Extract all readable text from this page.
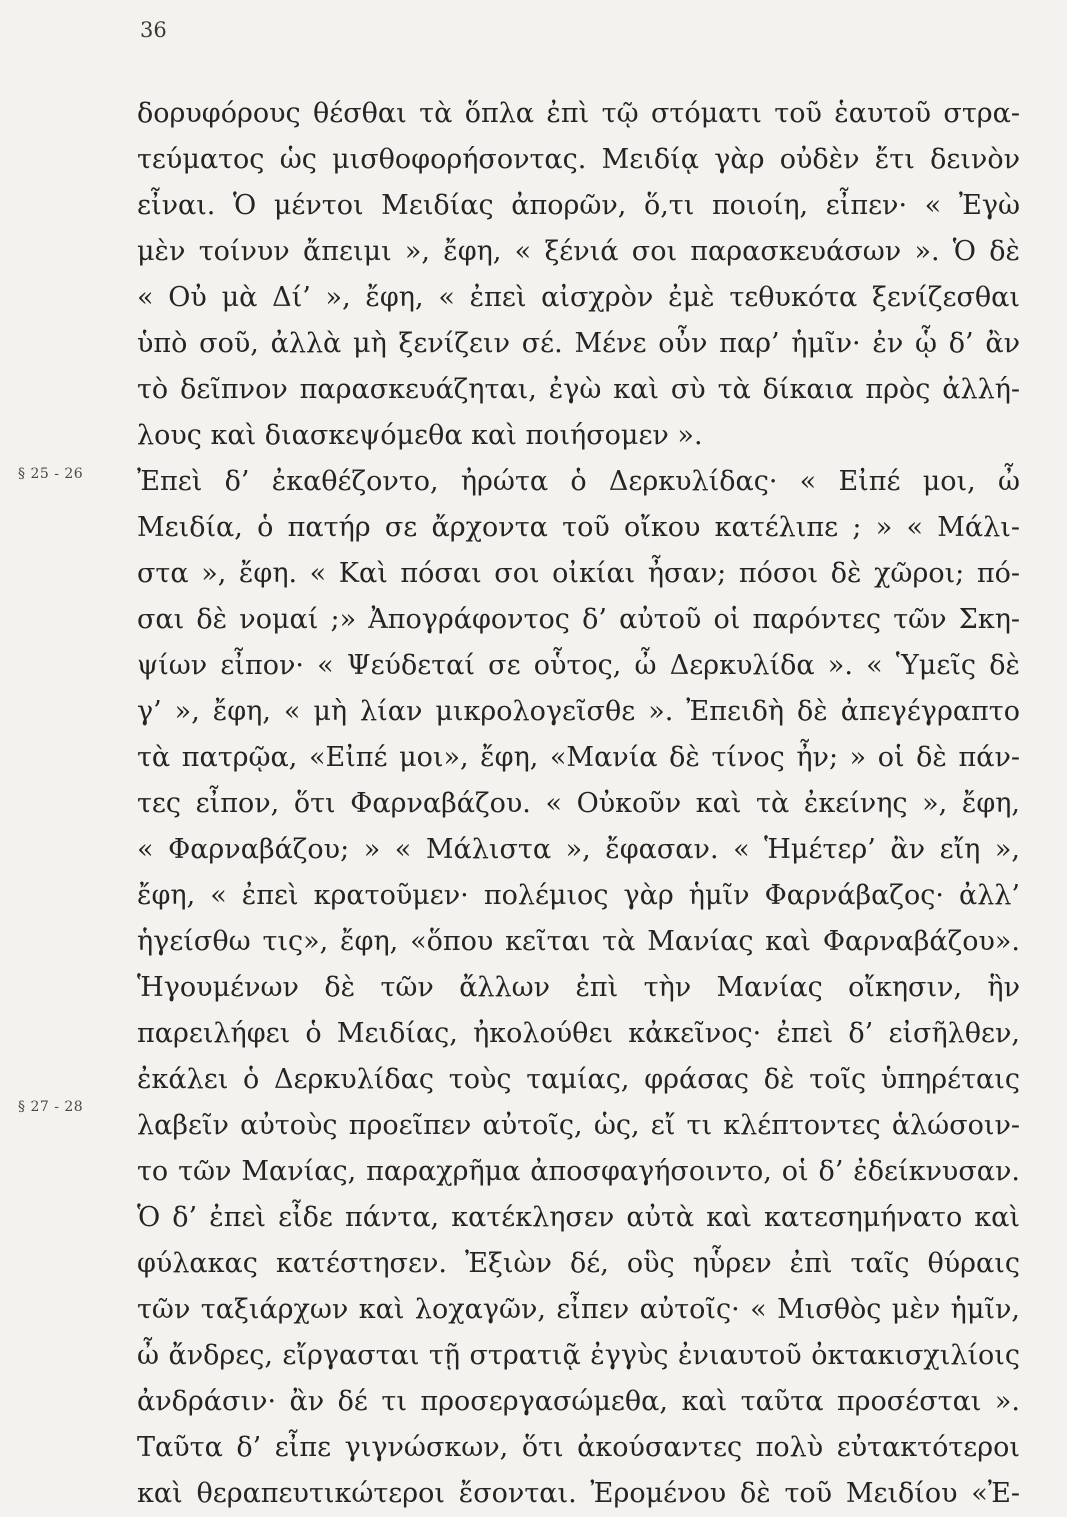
36
§ 25 - 26
§ 27 - 28
δορυφόρους θέσθαι τὰ ὅπλα ἐπὶ τῷ στόματι τοῦ ἑαυτοῦ στρα-
τεύματος ὡς μισθοφορήσοντας. Μειδίᾳ γὰρ οὐδὲν ἔτι δεινὸν
εἶναι. Ὁ μέντοι Μειδίας ἀπορῶν, ὅ,τι ποιοίη, εἶπεν· « Ἐγὼ
μὲν τοίνυν ἄπειμι », ἔφη, « ξένιά σοι παρασκευάσων ». Ὁ δὲ
« Οὐ μὰ Δί’ », ἔφη, « ἐπεὶ αἰσχρὸν ἐμὲ τεθυκότα ξενίζεσθαι
ὑπὸ σοῦ, ἀλλὰ μὴ ξενίζειν σέ. Μένε οὖν παρ’ ἡμῖν· ἐν ᾧ δ’ ἂν
τὸ δεῖπνον παρασκευάζηται, ἐγὼ καὶ σὺ τὰ δίκαια πρὸς ἀλλή-
λους καὶ διασκεψόμεθα καὶ ποιήσομεν ».
Ἐπεὶ δ’ ἐκαθέζοντο, ἠρώτα ὁ Δερκυλίδας· « Εἰπέ μοι, ὦ
Μειδία, ὁ πατήρ σε ἄρχοντα τοῦ οἴκου κατέλιπε ; » « Μάλι-
στα », ἔφη. « Καὶ πόσαι σοι οἰκίαι ἦσαν; πόσοι δὲ χῶροι; πό-
σαι δὲ νομαί ;» Ἀπογράφοντος δ’ αὐτοῦ οἱ παρόντες τῶν Σκη-
ψίων εἶπον· « Ψεύδεταί σε οὗτος, ὦ Δερκυλίδα ». « Ὑμεῖς δὲ
γ’ », ἔφη, « μὴ λίαν μικρολογεῖσθε ». Ἐπειδὴ δὲ ἀπεγέγραπτο
τὰ πατρῷα, «Εἰπέ μοι», ἔφη, «Μανία δὲ τίνος ἦν; » οἱ δὲ πάν-
τες εἶπον, ὅτι Φαρναβάζου. « Οὐκοῦν καὶ τὰ ἐκείνης », ἔφη,
« Φαρναβάζου; » « Μάλιστα », ἔφασαν. « Ἡμέτερ’ ἂν εἴη »,
ἔφη, « ἐπεὶ κρατοῦμεν· πολέμιος γὰρ ἡμῖν Φαρνάβαζος· ἀλλ’
ἡγείσθω τις», ἔφη, «ὅπου κεῖται τὰ Μανίας καὶ Φαρναβάζου».
Ἡγουμένων δὲ τῶν ἄλλων ἐπὶ τὴν Μανίας οἴκησιν, ἣν
παρειλήφει ὁ Μειδίας, ἠκολούθει κἀκεῖνος· ἐπεὶ δ’ εἰσῆλθεν,
ἐκάλει ὁ Δερκυλίδας τοὺς ταμίας, φράσας δὲ τοῖς ὑπηρέταις
λαβεῖν αὐτοὺς προεῖπεν αὐτοῖς, ὡς, εἴ τι κλέπτοντες ἁλώσοιν-
το τῶν Μανίας, παραχρῆμα ἀποσφαγήσοιντο, οἱ δ’ ἐδείκνυσαν.
Ὁ δ’ ἐπεὶ εἶδε πάντα, κατέκλησεν αὐτὰ καὶ κατεσημήνατο καὶ
φύλακας κατέστησεν. Ἐξιὼν δέ, οὓς ηὗρεν ἐπὶ ταῖς θύραις
τῶν ταξιάρχων καὶ λοχαγῶν, εἶπεν αὐτοῖς· « Μισθὸς μὲν ἡμῖν,
ὦ ἄνδρες, εἴργασται τῇ στρατιᾷ ἐγγὺς ἐνιαυτοῦ ὀκτακισχιλίοις
ἀνδράσιν· ἂν δέ τι προσεργασώμεθα, καὶ ταῦτα προσέσται ».
Ταῦτα δ’ εἶπε γιγνώσκων, ὅτι ἀκούσαντες πολὺ εὐτακτότεροι
καὶ θεραπευτικώτεροι ἔσονται. Ἐρομένου δὲ τοῦ Μειδίου «Ἐ-
